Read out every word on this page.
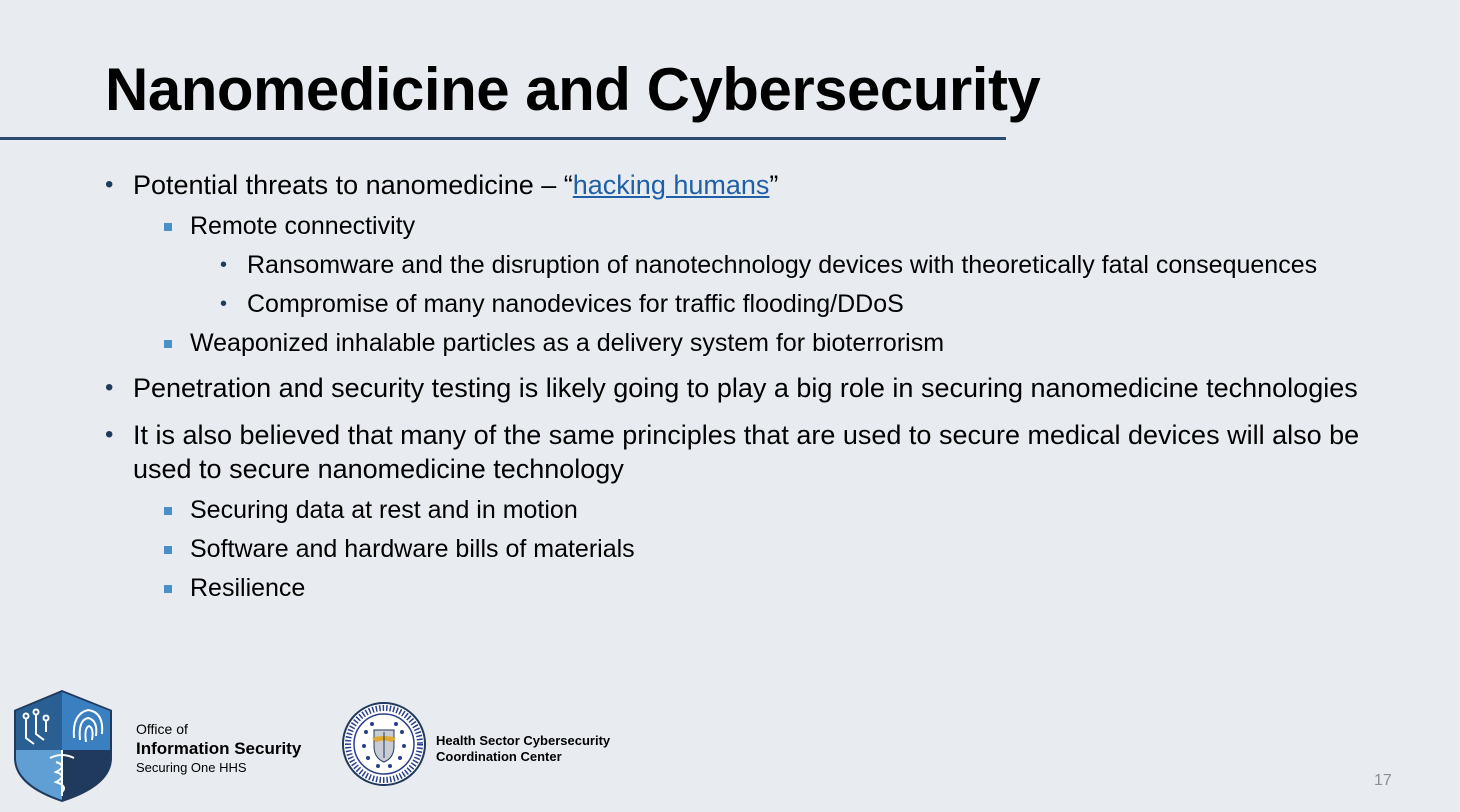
Nanomedicine and Cybersecurity
• Potential threats to nanomedicine – “hacking humans”
Remote connectivity
• Ransomware and the disruption of nanotechnology devices with theoretically fatal consequences
• Compromise of many nanodevices for traffic flooding/DDoS
Weaponized inhalable particles as a delivery system for bioterrorism
• Penetration and security testing is likely going to play a big role in securing nanomedicine technologies
• It is also believed that many of the same principles that are used to secure medical devices will also be used to secure nanomedicine technology
Securing data at rest and in motion
Software and hardware bills of materials
Resilience
Office of
Information Security
Securing One HHS
Health Sector Cybersecurity
Coordination Center
17
